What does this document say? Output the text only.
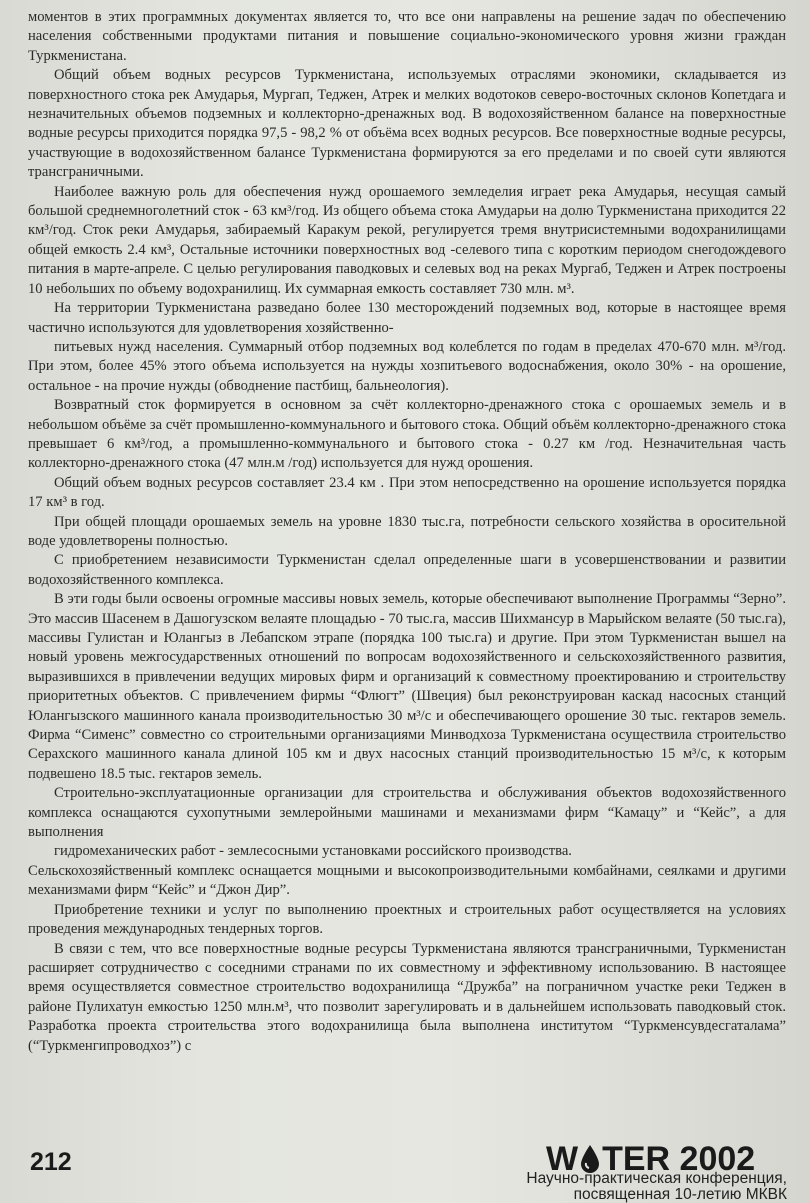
моментов в этих программных документах является то, что все они направлены на решение задач по обеспечению населения собственными продуктами питания и повышение социально-экономического уровня жизни граждан Туркменистана.

Общий объем водных ресурсов Туркменистана, используемых отраслями экономики, складывается из поверхностного стока рек Амударья, Мургап, Теджен, Атрек и мелких водотоков северо-восточных склонов Копетдага и незначительных объемов подземных и коллекторно-дренажных вод. В водохозяйственном балансе на поверхностные водные ресурсы приходится порядка 97,5 - 98,2 % от объёма всех водных ресурсов. Все поверхностные водные ресурсы, участвующие в водохозяйственном балансе Туркменистана формируются за его пределами и по своей сути являются трансграничными.

Наиболее важную роль для обеспечения нужд орошаемого земледелия играет река Амударья, несущая самый большой среднемноголетний сток - 63 км³/год. Из общего объема стока Амударьи на долю Туркменистана приходится 22 км³/год. Сток реки Амударья, забираемый Каракум рекой, регулируется тремя внутрисистемными водохранилищами общей емкость 2.4 км³, Остальные источники поверхностных вод -селевого типа с коротким периодом снегодождевого питания в марте-апреле. С целью регулирования паводковых и селевых вод на реках Мургаб, Теджен и Атрек построены 10 небольших по объему водохранилищ. Их суммарная емкость составляет 730 млн. м³.

На территории Туркменистана разведано более 130 месторождений подземных вод, которые в настоящее время частично используются для удовлетворения хозяйственно-

питьевых нужд населения. Суммарный отбор подземных вод колеблется по годам в пределах 470-670 млн. м³/год. При этом, более 45% этого объема используется на нужды хозпитьевого водоснабжения, около 30% - на орошение, остальное - на прочие нужды (обводнение пастбищ, бальнеология).

Возвратный сток формируется в основном за счёт коллекторно-дренажного стока с орошаемых земель и в небольшом объёме за счёт промышленно-коммунального и бытового стока. Общий объём коллекторно-дренажного стока превышает 6 км³/год, а промышленно-коммунального и бытового стока - 0.27 км /год. Незначительная часть коллекторно-дренажного стока (47 млн.м /год) используется для нужд орошения.

Общий объем водных ресурсов составляет 23.4 км . При этом непосредственно на орошение используется порядка 17 км³ в год.

При общей площади орошаемых земель на уровне 1830 тыс.га, потребности сельского хозяйства в оросительной воде удовлетворены полностью.

С приобретением независимости Туркменистан сделал определенные шаги в усовершенствовании и развитии водохозяйственного комплекса.

В эти годы были освоены огромные массивы новых земель, которые обеспечивают выполнение Программы “Зерно”. Это массив Шасенем в Дашогузском велаяте площадью - 70 тыс.га, массив Шихмансур в Марыйском велаяте (50 тыс.га), массивы Гулистан и Юлангыз в Лебапском этрапе (порядка 100 тыс.га) и другие. При этом Туркменистан вышел на новый уровень межгосударственных отношений по вопросам водохозяйственного и сельскохозяйственного развития, выразившихся в привлечении ведущих мировых фирм и организаций к совместному проектированию и строительству приоритетных объектов. С привлечением фирмы “Флюгт” (Швеция) был реконструирован каскад насосных станций Юлангызского машинного канала производительностью 30 м³/с и обеспечивающего орошение 30 тыс. гектаров земель. Фирма “Сименс” совместно со строительными организациями Минводхоза Туркменистана осуществила строительство Серахского машинного канала длиной 105 км и двух насосных станций производительностью 15 м³/с, к которым подвешено 18.5 тыс. гектаров земель.

Строительно-эксплуатационные организации для строительства и обслуживания объектов водохозяйственного комплекса оснащаются сухопутными землеройными машинами и механизмами фирм “Камацу” и “Кейс”, а для выполнения

гидромеханических работ - землесосными установками российского производства.

Сельскохозяйственный комплекс оснащается мощными и высокопроизводительными комбайнами, сеялками и другими механизмами фирм “Кейс” и “Джон Дир”.

Приобретение техники и услуг по выполнению проектных и строительных работ осуществляется на условиях проведения международных тендерных торгов.

В связи с тем, что все поверхностные водные ресурсы Туркменистана являются трансграничными, Туркменистан расширяет сотрудничество с соседними странами по их совместному и эффективному использованию. В настоящее время осуществляется совместное строительство водохранилища “Дружба” на пограничном участке реки Теджен в районе Пулихатун емкостью 1250 млн.м³, что позволит зарегулировать и в дальнейшем использовать паводковый сток. Разработка проекта строительства этого водохранилища была выполнена институтом “Туркменсувдесгаталама” (“Туркменгипроводхоз”) с

212	W TER 2002
Научно-практическая конференция,
посвященная 10-летию МКВК
